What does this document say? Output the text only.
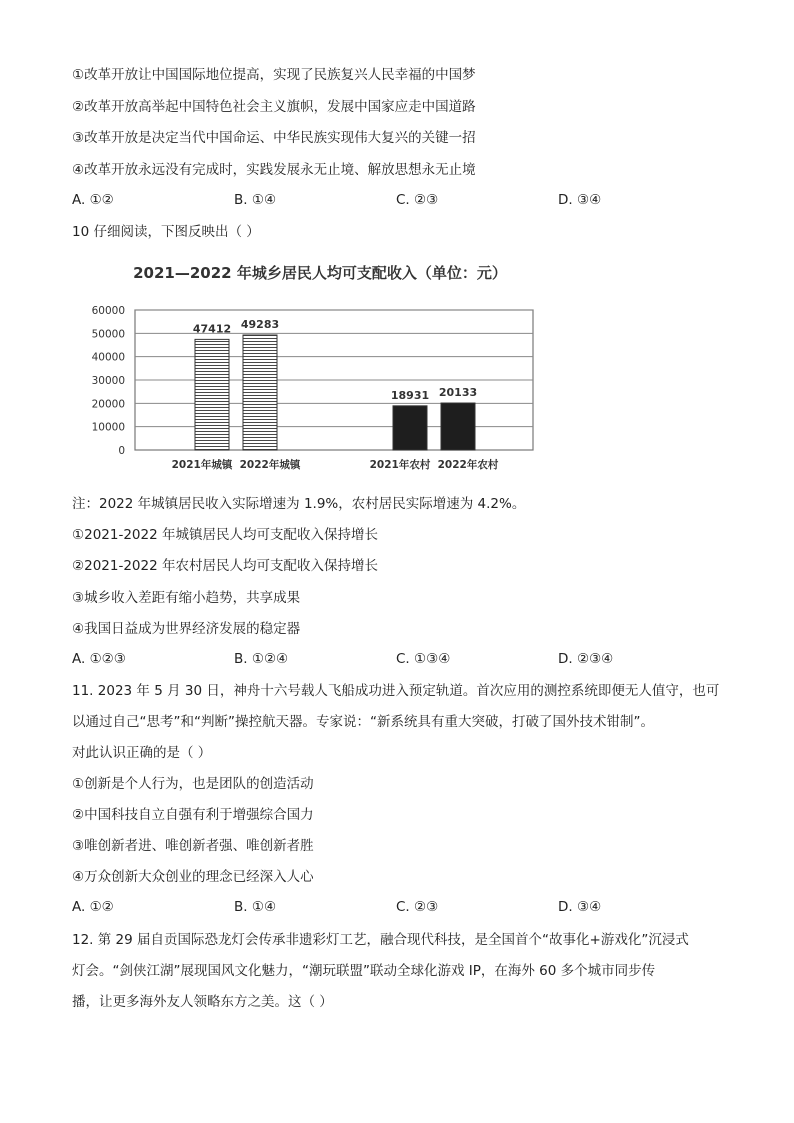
①改革开放让中国国际地位提高，实现了民族复兴人民幸福的中国梦
②改革开放高举起中国特色社会主义旗帜，发展中国家应走中国道路
③改革开放是决定当代中国命运、中华民族实现伟大复兴的关键一招
④改革开放永远没有完成时，实践发展永无止境、解放思想永无止境
A. ①②	B. ①④	C. ②③	D. ③④
10 仔细阅读，下图反映出（ ）
2021—2022 年城乡居民人均可支配收入（单位：元）
0
10000
20000
30000
40000
50000
60000
47412 49283
18931 20133
2021年城镇 2022年城镇	2021年农村 2022年农村
注：2022 年城镇居民收入实际增速为 1.9%，农村居民实际增速为 4.2%。
①2021-2022 年城镇居民人均可支配收入保持增长
②2021-2022 年农村居民人均可支配收入保持增长
③城乡收入差距有缩小趋势，共享成果
④我国日益成为世界经济发展的稳定器
A. ①②③	B. ①②④	C. ①③④	D. ②③④
11. 2023 年 5 月 30 日，神舟十六号载人飞船成功进入预定轨道。首次应用的测控系统即便无人值守，也可
以通过自己“思考”和“判断”操控航天器。专家说：“新系统具有重大突破，打破了国外技术钳制”。
对此认识正确的是（ ）
①创新是个人行为，也是团队的创造活动
②中国科技自立自强有利于增强综合国力
③唯创新者进、唯创新者强、唯创新者胜
④万众创新大众创业的理念已经深入人心
A. ①②	B. ①④	C. ②③	D. ③④
12. 第 29 届自贡国际恐龙灯会传承非遗彩灯工艺，融合现代科技，是全国首个“故事化+游戏化”沉浸式
灯会。“剑侠江湖”展现国风文化魅力，“潮玩联盟”联动全球化游戏 IP，在海外 60 多个城市同步传
播，让更多海外友人领略东方之美。这（ ）
